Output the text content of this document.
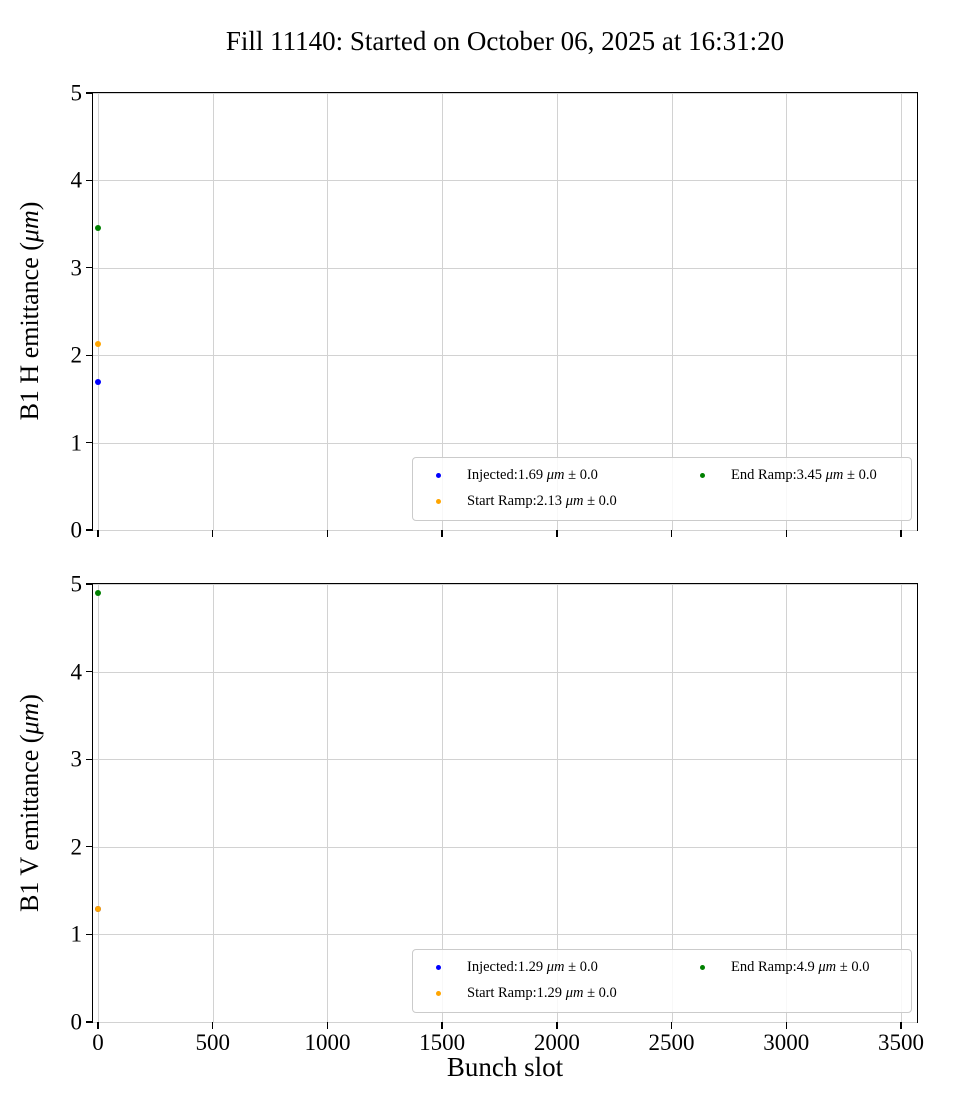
Fill 11140: Started on October 06, 2025 at 16:31:20
B1 H emittance (μm)
B1 V emittance (μm)
0
1
2
3
4
5
Injected:1.69 μm ± 0.0
Start Ramp:2.13 μm ± 0.0
End Ramp:3.45 μm ± 0.0
0	500	1000	1500	2000	2500	3000	3500
0
1
2
3
4
5
Injected:1.29 μm ± 0.0
Start Ramp:1.29 μm ± 0.0
End Ramp:4.9 μm ± 0.0
Bunch slot
